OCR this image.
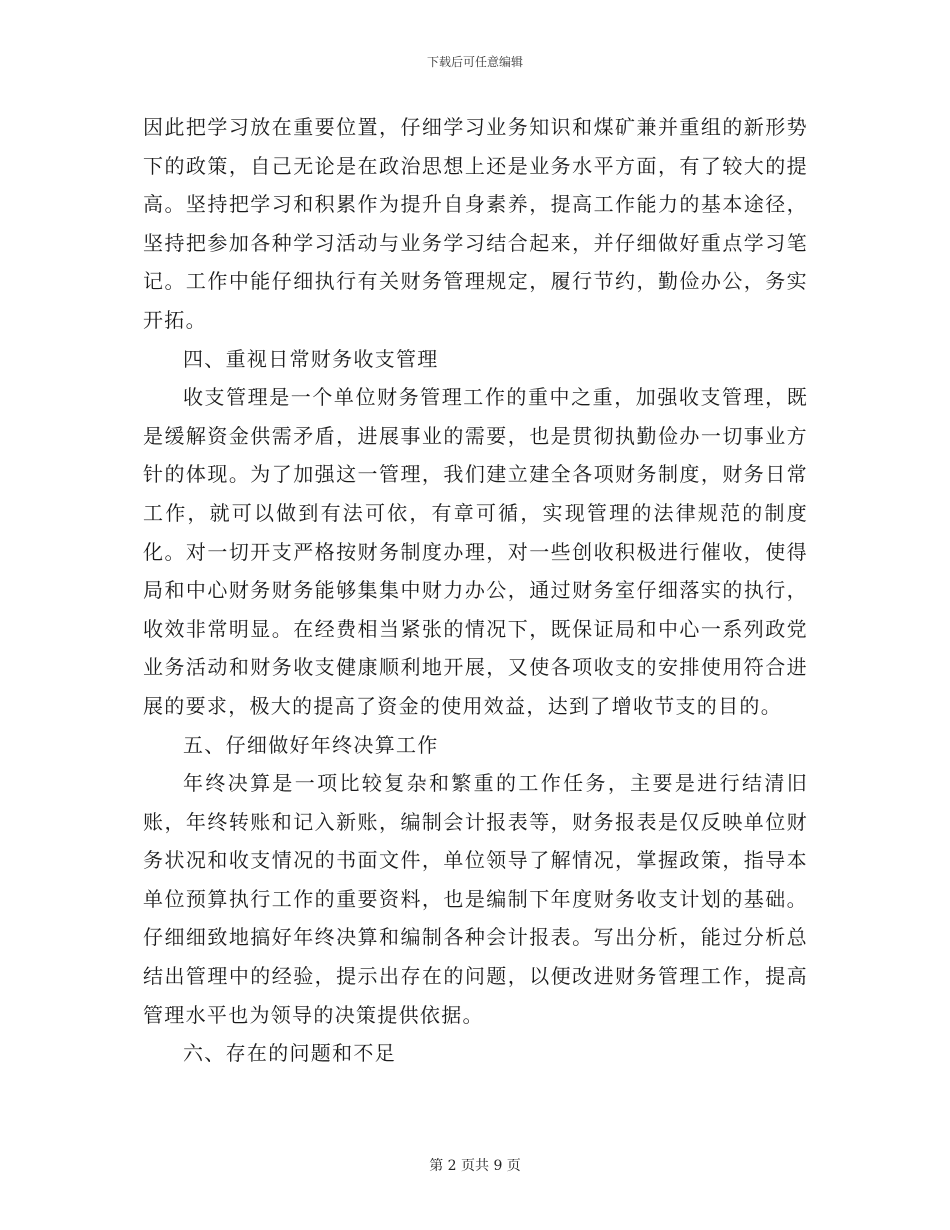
下载后可任意编辑

因此把学习放在重要位置，仔细学习业务知识和煤矿兼并重组的新形势下的政策，自己无论是在政治思想上还是业务水平方面，有了较大的提高。坚持把学习和积累作为提升自身素养，提高工作能力的基本途径，坚持把参加各种学习活动与业务学习结合起来，并仔细做好重点学习笔记。工作中能仔细执行有关财务管理规定，履行节约，勤俭办公，务实开拓。

四、重视日常财务收支管理

收支管理是一个单位财务管理工作的重中之重，加强收支管理，既是缓解资金供需矛盾，进展事业的需要，也是贯彻执勤俭办一切事业方针的体现。为了加强这一管理，我们建立建全各项财务制度，财务日常工作，就可以做到有法可依，有章可循，实现管理的法律规范的制度化。对一切开支严格按财务制度办理，对一些创收积极进行催收，使得局和中心财务财务能够集集中财力办公，通过财务室仔细落实的执行，收效非常明显。在经费相当紧张的情况下，既保证局和中心一系列政党业务活动和财务收支健康顺利地开展，又使各项收支的安排使用符合进展的要求，极大的提高了资金的使用效益，达到了增收节支的目的。

五、仔细做好年终决算工作

年终决算是一项比较复杂和繁重的工作任务，主要是进行结清旧账，年终转账和记入新账，编制会计报表等，财务报表是仅反映单位财务状况和收支情况的书面文件，单位领导了解情况，掌握政策，指导本单位预算执行工作的重要资料，也是编制下年度财务收支计划的基础。仔细细致地搞好年终决算和编制各种会计报表。写出分析，能过分析总结出管理中的经验，提示出存在的问题，以便改进财务管理工作，提高管理水平也为领导的决策提供依据。

六、存在的问题和不足

第 2 页共 9 页
